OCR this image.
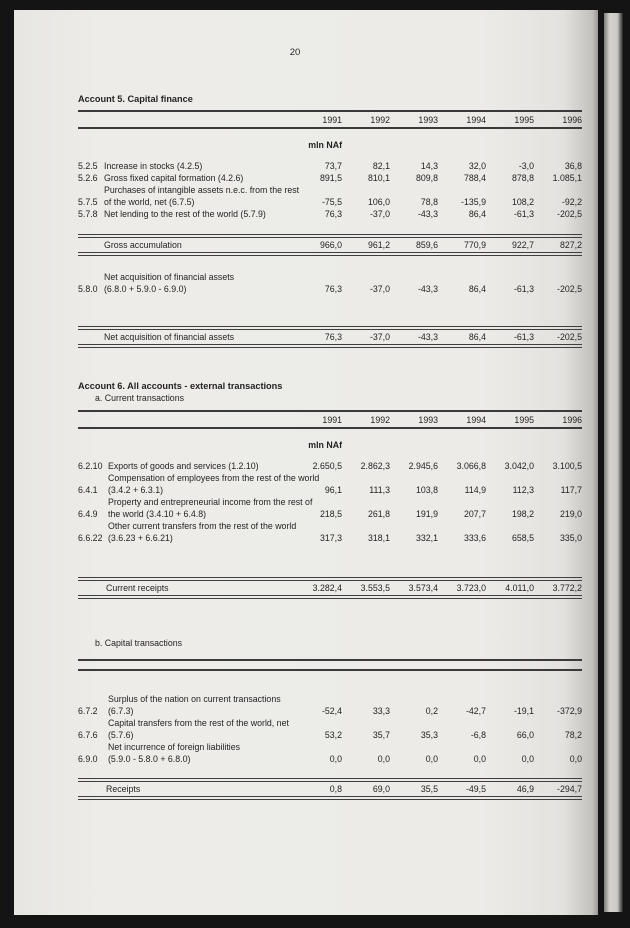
20
Account 5. Capital finance
1991	1992	1993	1994	1995	1996
mln NAf
5.2.5 Increase in stocks (4.2.5)	73,7	82,1	14,3	32,0	-3,0	36,8
5.2.6 Gross fixed capital formation (4.2.6)	891,5	810,1	809,8	788,4	878,8	1.085,1
5.7.5
Purchases of intangible assets n.e.c. from the rest
of the world, net (6.7.5)	-75,5	106,0	78,8	-135,9	108,2	-92,2
5.7.8 Net lending to the rest of the world (5.7.9)	76,3	-37,0	-43,3	86,4	-61,3	-202,5
Gross accumulation	966,0	961,2	859,6	770,9	922,7	827,2
5.8.0
Net acquisition of financial assets
(6.8.0 + 5.9.0 - 6.9.0)	76,3	-37,0	-43,3	86,4	-61,3	-202,5
Net acquisition of financial assets	76,3	-37,0	-43,3	86,4	-61,3	-202,5
Account 6. All accounts - external transactions
a. Current transactions
1991	1992	1993	1994	1995	1996
mln NAf
6.2.10 Exports of goods and services (1.2.10)	2.650,5	2.862,3	2.945,6	3.066,8	3.042,0	3.100,5
6.4.1
Compensation of employees from the rest of the world
(3.4.2 + 6.3.1)	96,1	111,3	103,8	114,9	112,3	117,7
6.4.9
Property and entrepreneurial income from the rest of
the world (3.4.10 + 6.4.8)	218,5	261,8	191,9	207,7	198,2	219,0
6.6.22
Other current transfers from the rest of the world
(3.6.23 + 6.6.21)	317,3	318,1	332,1	333,6	658,5	335,0
Current receipts	3.282,4	3.553,5	3.573,4	3.723,0	4.011,0	3.772,2
b. Capital transactions
6.7.2
Surplus of the nation on current transactions
(6.7.3)	-52,4	33,3	0,2	-42,7	-19,1	-372,9
6.7.6
Capital transfers from the rest of the world, net
(5.7.6)	53,2	35,7	35,3	-6,8	66,0	78,2
6.9.0
Net incurrence of foreign liabilities
(5.9.0 - 5.8.0 + 6.8.0)	0,0	0,0	0,0	0,0	0,0	0,0
Receipts	0,8	69,0	35,5	-49,5	46,9	-294,7
